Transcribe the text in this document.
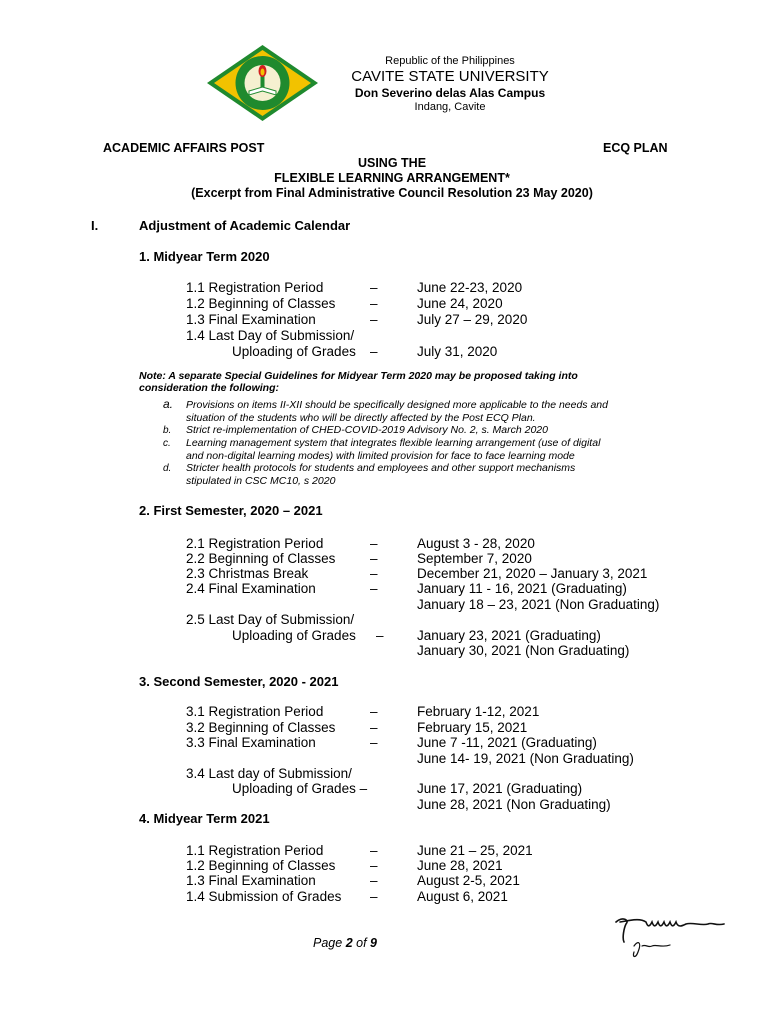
Republic of the Philippines
CAVITE STATE UNIVERSITY
Don Severino delas Alas Campus
Indang, Cavite
ACADEMIC AFFAIRS POST	ECQ PLAN
USING THE
FLEXIBLE LEARNING ARRANGEMENT*
(Excerpt from Final Administrative Council Resolution 23 May 2020)
I.	Adjustment of Academic Calendar
1. Midyear Term 2020
1.1 Registration Period	–	June 22-23, 2020
1.2 Beginning of Classes	–	June 24, 2020
1.3 Final Examination	–	July 27 – 29, 2020
1.4 Last Day of Submission/
Uploading of Grades –	July 31, 2020
Note: A separate Special Guidelines for Midyear Term 2020 may be proposed taking into
consideration the following:
a. Provisions on items II-XII should be specifically designed more applicable to the needs and
situation of the students who will be directly affected by the Post ECQ Plan.
b. Strict re-implementation of CHED-COVID-2019 Advisory No. 2, s. March 2020
c. Learning management system that integrates flexible learning arrangement (use of digital
and non-digital learning modes) with limited provision for face to face learning mode
d. Stricter health protocols for students and employees and other support mechanisms
stipulated in CSC MC10, s 2020
2. First Semester, 2020 – 2021
2.1 Registration Period	–	August 3 - 28, 2020
2.2 Beginning of Classes	–	September 7, 2020
2.3 Christmas Break	–	December 21, 2020 – January 3, 2021
2.4 Final Examination	–	January 11 - 16, 2021 (Graduating)
January 18 – 23, 2021 (Non Graduating)
2.5 Last Day of Submission/
Uploading of Grades – January 23, 2021 (Graduating)
January 30, 2021 (Non Graduating)
3. Second Semester, 2020 - 2021
3.1 Registration Period	–	February 1-12, 2021
3.2 Beginning of Classes	–	February 15, 2021
3.3 Final Examination	–	June 7 -11, 2021 (Graduating)
June 14- 19, 2021 (Non Graduating)
3.4 Last day of Submission/
Uploading of Grades –	June 17, 2021 (Graduating)
June 28, 2021 (Non Graduating)
4. Midyear Term 2021
1.1 Registration Period	–	June 21 – 25, 2021
1.2 Beginning of Classes	–	June 28, 2021
1.3 Final Examination	–	August 2-5, 2021
1.4 Submission of Grades –	August 6, 2021
Page 2 of 9
